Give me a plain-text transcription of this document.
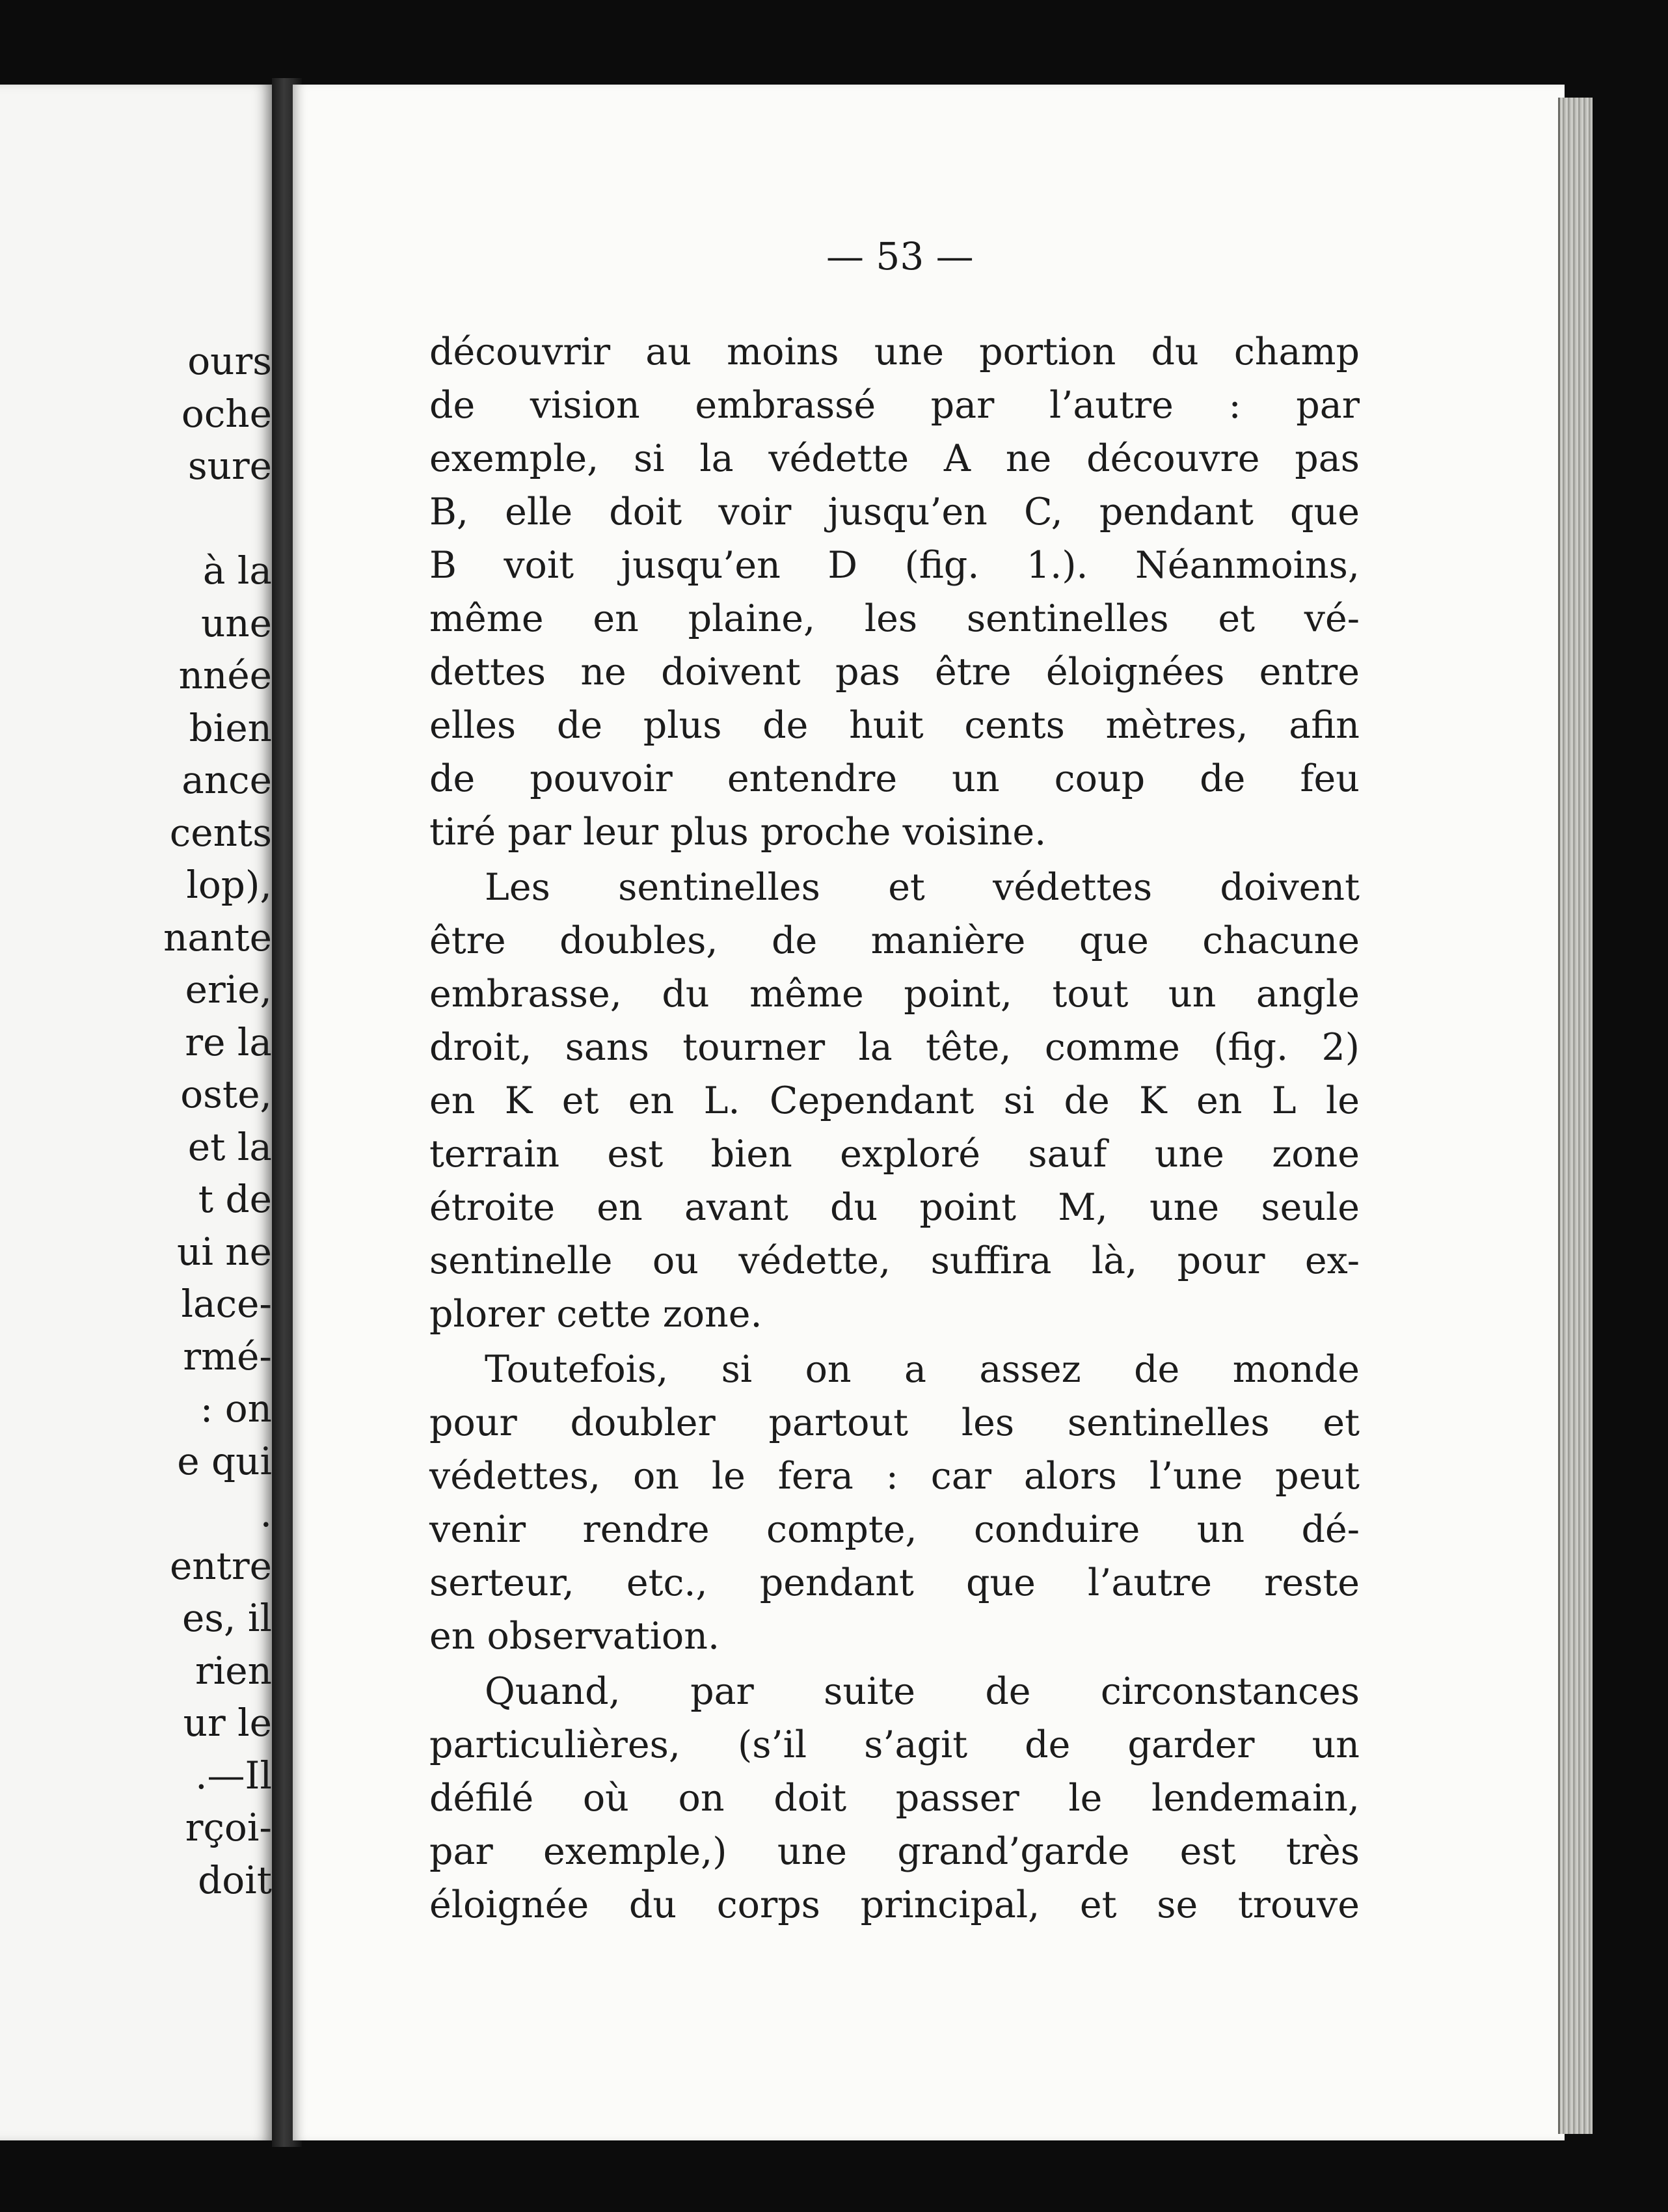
ours
oche
sure
à la
une
nnée
bien
ance
cents
lop),
nante
erie,
re la
oste,
et la
t de
ui ne
lace-
rmé-
: on
e qui
.
entre
es, il
rien
ur le
.—Il
rçoi-
doit
— 53 —
découvrir au moins une portion du champ
de vision embrassé par l’autre : par
exemple, si la védette A ne découvre pas
B, elle doit voir jusqu’en C, pendant que
B voit jusqu’en D (fig. 1.). Néanmoins,
même en plaine, les sentinelles et vé-
dettes ne doivent pas être éloignées entre
elles de plus de huit cents mètres, afin
de pouvoir entendre un coup de feu
tiré par leur plus proche voisine.
Les sentinelles et védettes doivent
être doubles, de manière que chacune
embrasse, du même point, tout un angle
droit, sans tourner la tête, comme (fig. 2)
en K et en L. Cependant si de K en L le
terrain est bien exploré sauf une zone
étroite en avant du point M, une seule
sentinelle ou védette, suffira là, pour ex-
plorer cette zone.
Toutefois, si on a assez de monde
pour doubler partout les sentinelles et
védettes, on le fera : car alors l’une peut
venir rendre compte, conduire un dé-
serteur, etc., pendant que l’autre reste
en observation.
Quand, par suite de circonstances
particulières, (s’il s’agit de garder un
défilé où on doit passer le lendemain,
par exemple,) une grand’garde est très
éloignée du corps principal, et se trouve
